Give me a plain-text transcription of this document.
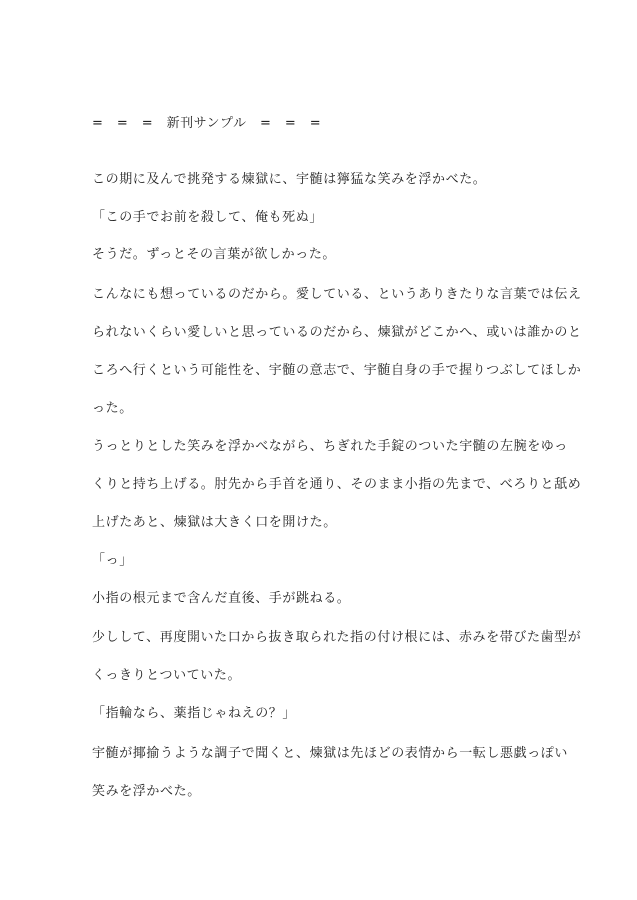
=　=　=　新刊サンプル　=　=　=
この期に及んで挑発する煉獄に、宇髄は獰猛な笑みを浮かべた。
「この手でお前を殺して、俺も死ぬ」
そうだ。ずっとその言葉が欲しかった。
こんなにも想っているのだから。愛している、というありきたりな言葉では伝え
られないくらい愛しいと思っているのだから、煉獄がどこかへ、或いは誰かのと
ころへ行くという可能性を、宇髄の意志で、宇髄自身の手で握りつぶしてほしか
った。
うっとりとした笑みを浮かべながら、ちぎれた手錠のついた宇髄の左腕をゆっ
くりと持ち上げる。肘先から手首を通り、そのまま小指の先まで、べろりと舐め
上げたあと、煉獄は大きく口を開けた。
「っ」
小指の根元まで含んだ直後、手が跳ねる。
少しして、再度開いた口から抜き取られた指の付け根には、赤みを帯びた歯型が
くっきりとついていた。
「指輪なら、薬指じゃねえの？」
宇髄が揶揄うような調子で聞くと、煉獄は先ほどの表情から一転し悪戯っぽい
笑みを浮かべた。
